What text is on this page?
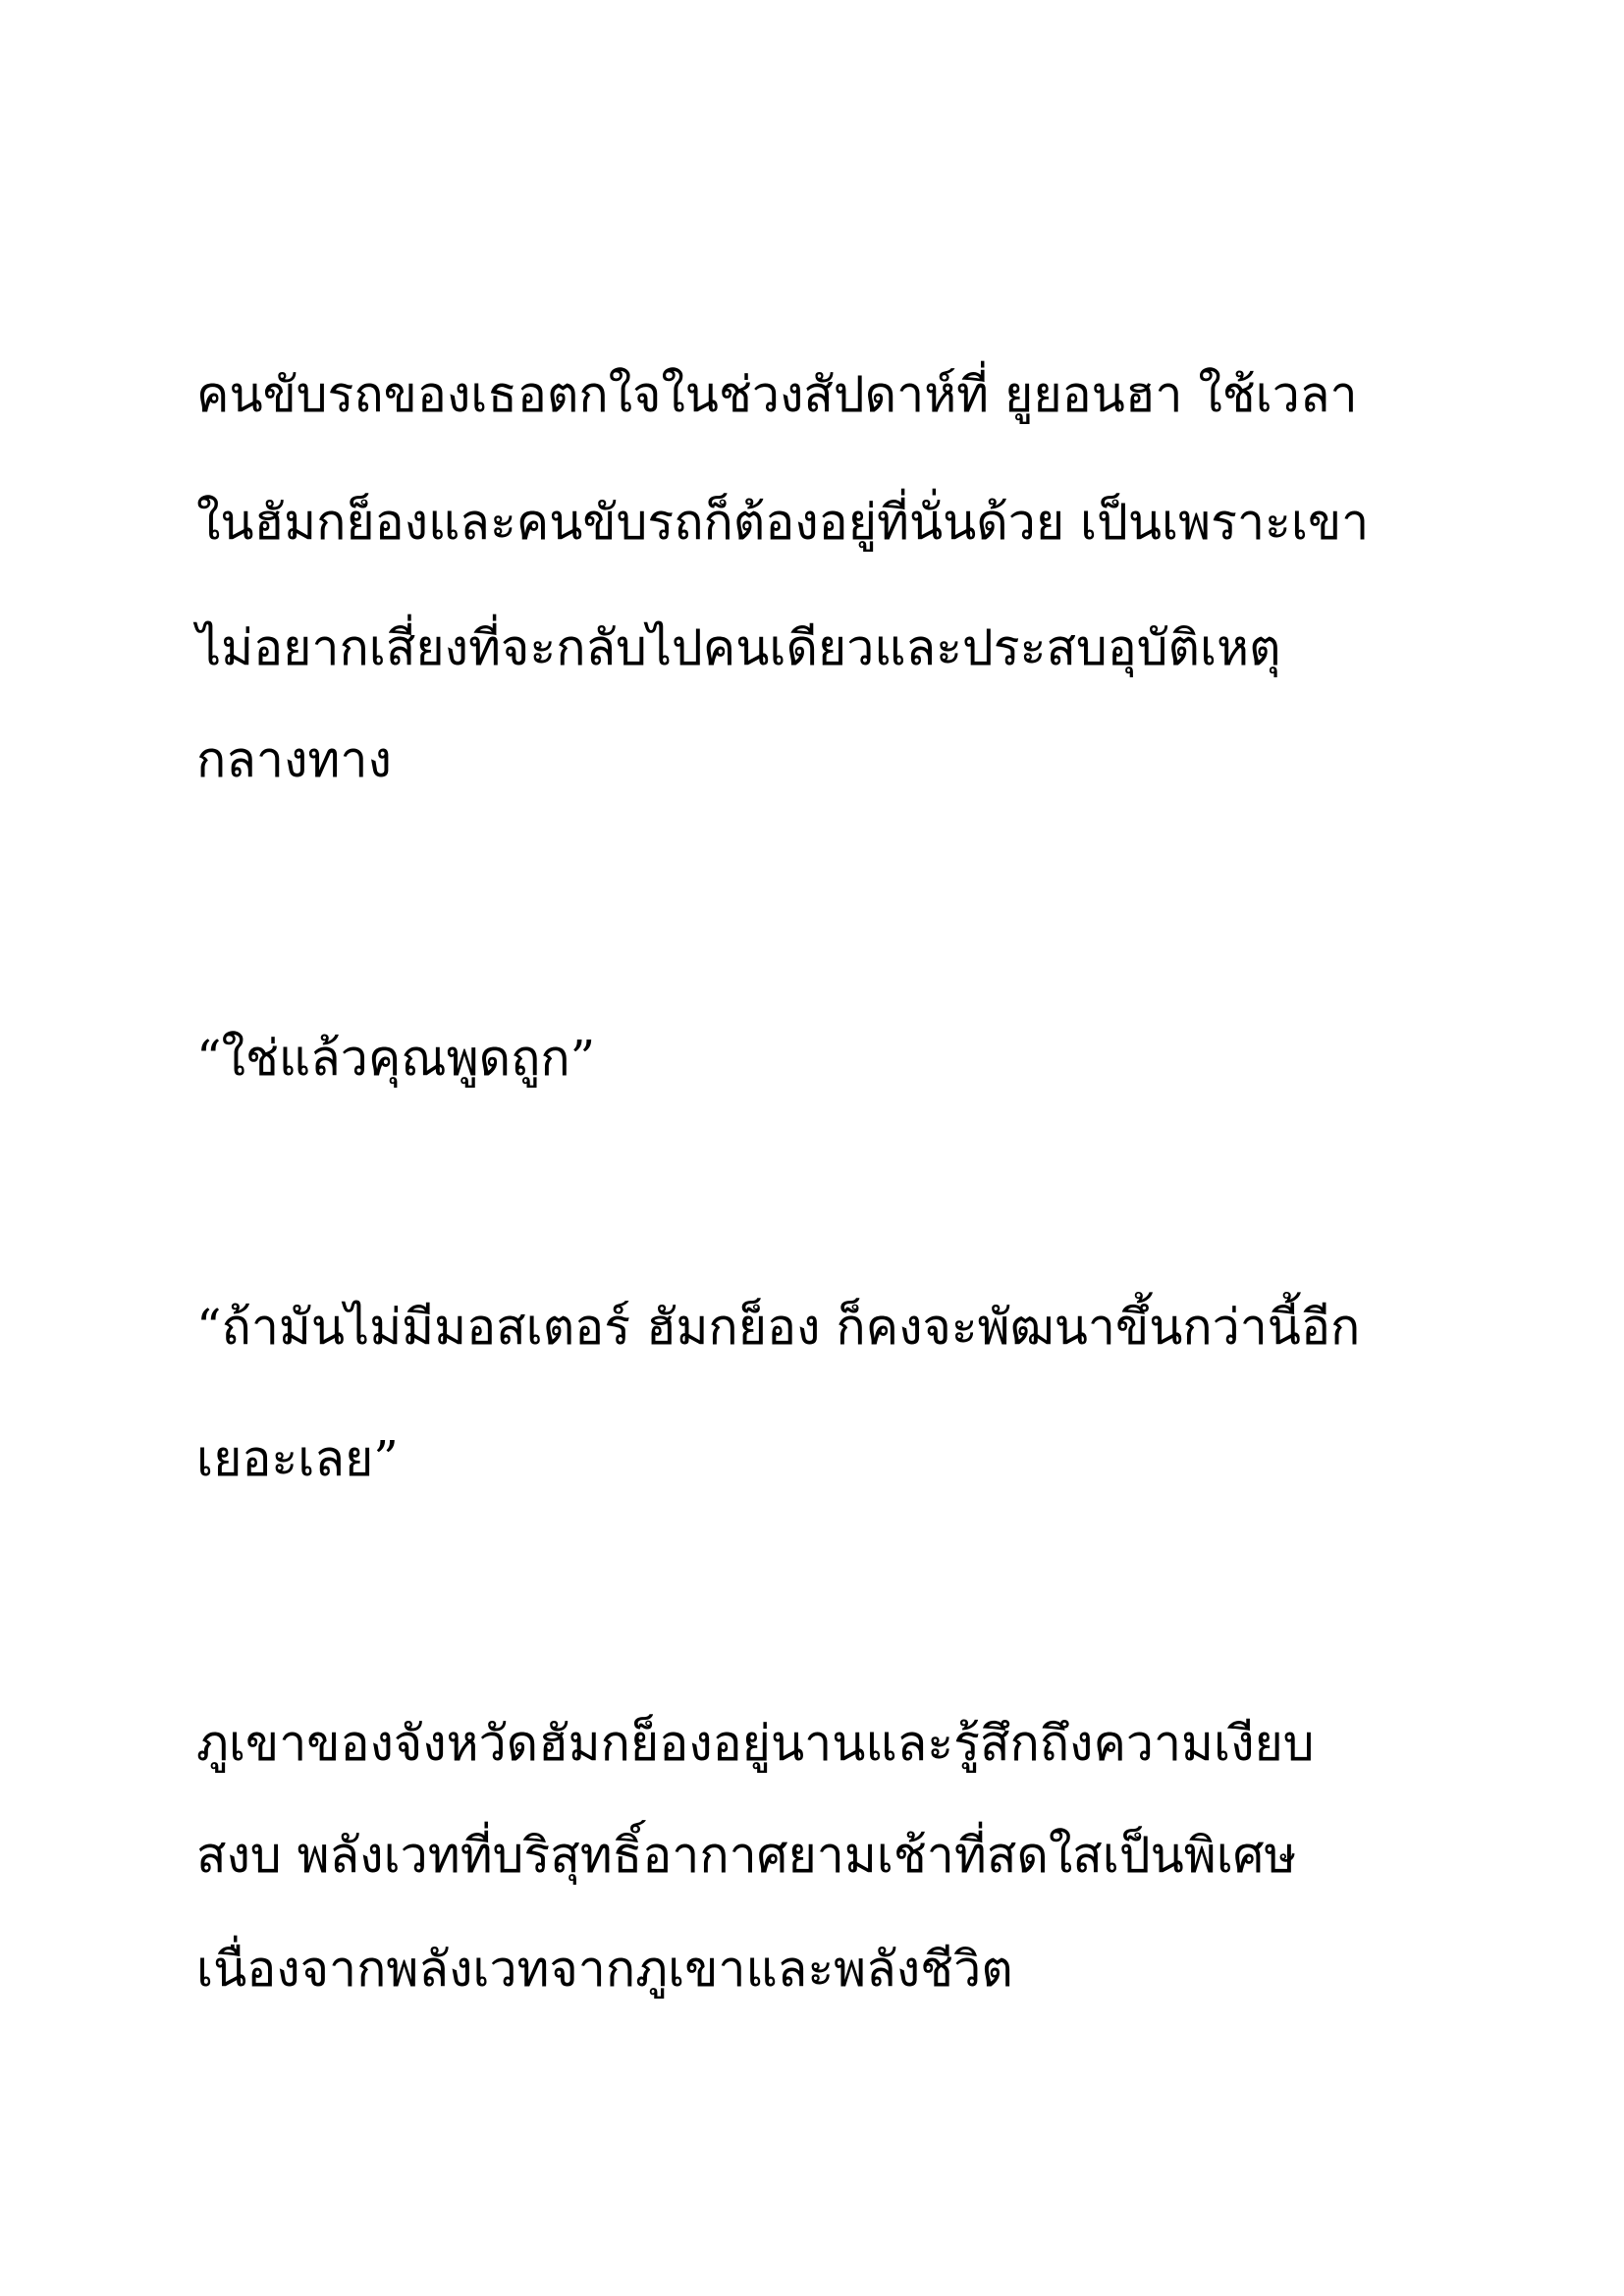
คนขับรถของเธอตกใจในช่วงสัปดาห์ที่ ยูยอนฮา ใช้เวลา

ในฮัมกย็องและคนขับรถก็ต้องอยู่ที่นั่นด้วย เป็นเพราะเขา

ไม่อยากเสี่ยงที่จะกลับไปคนเดียวและประสบอุบัติเหตุ

กลางทาง

“ใช่แล้วคุณพูดถูก”

“ถ้ามันไม่มีมอสเตอร์ ฮัมกย็อง ก็คงจะพัฒนาขึ้นกว่านี้อีก

เยอะเลย”

ภูเขาของจังหวัดฮัมกย็องอยู่นานและรู้สึกถึงความเงียบ

สงบ พลังเวทที่บริสุทธิ์อากาศยามเช้าที่สดใสเป็นพิเศษ

เนื่องจากพลังเวทจากภูเขาและพลังชีวิต
